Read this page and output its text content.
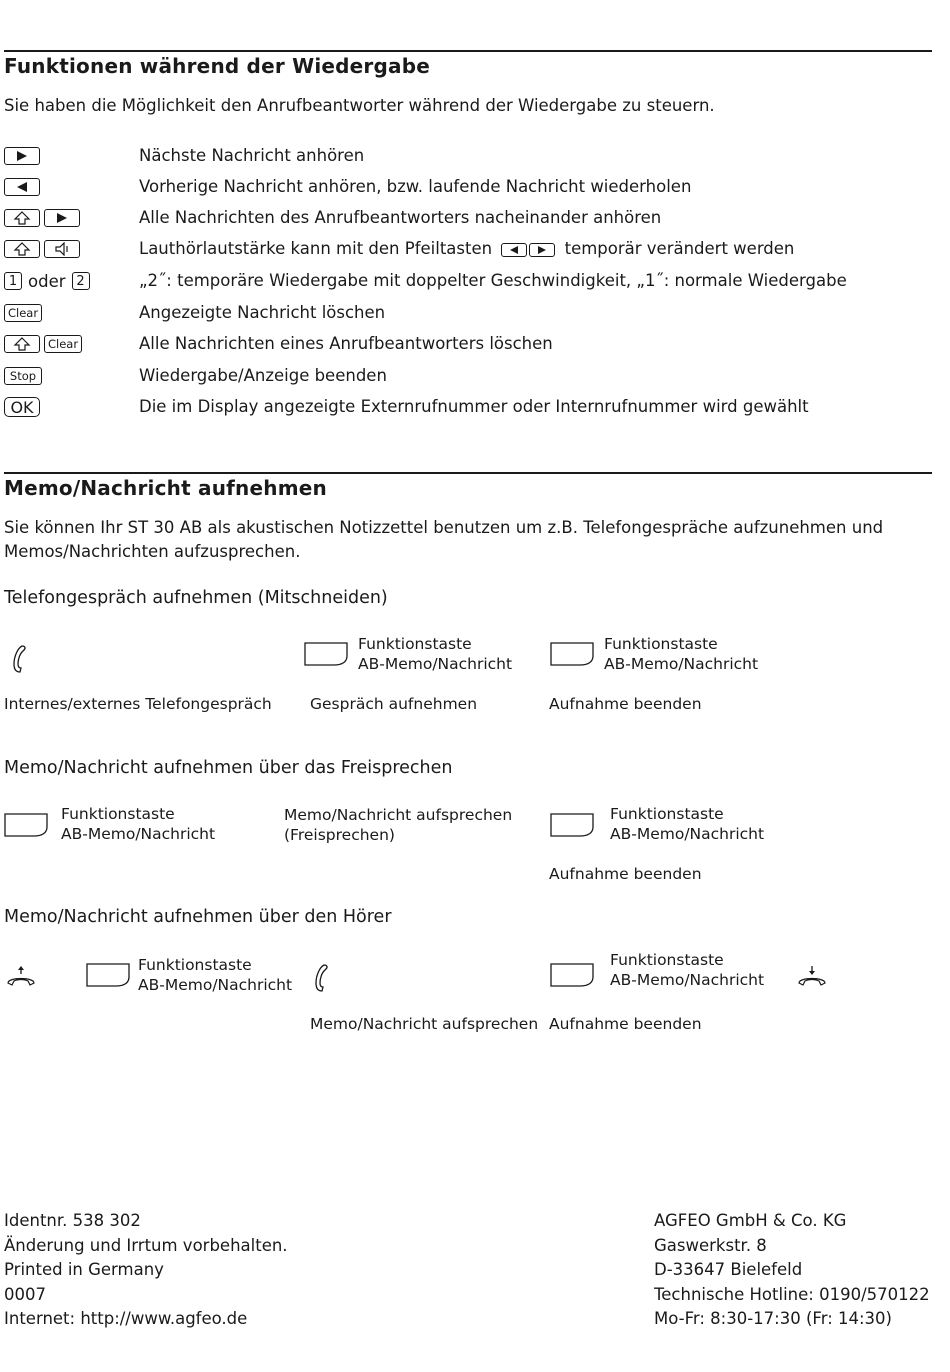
Funktionen während der Wiedergabe
Sie haben die Möglichkeit den Anrufbeantworter während der Wiedergabe zu steuern.
Nächste Nachricht anhören
Vorherige Nachricht anhören, bzw. laufende Nachricht wiederholen
Alle Nachrichten des Anrufbeantworters nacheinander anhören
Lauthörlautstärke kann mit den Pfeiltasten	temporär verändert werden
1 oder 2	„2˝: temporäre Wiedergabe mit doppelter Geschwindigkeit, „1˝: normale Wiedergabe
Clear	Angezeigte Nachricht löschen
Clear	Alle Nachrichten eines Anrufbeantworters löschen
Stop	Wiedergabe/Anzeige beenden
OK	Die im Display angezeigte Externrufnummer oder Internrufnummer wird gewählt
Memo/Nachricht aufnehmen
Sie können Ihr ST 30 AB als akustischen Notizzettel benutzen um z.B. Telefongespräche aufzunehmen und
Memos/Nachrichten aufzusprechen.
Telefongespräch aufnehmen (Mitschneiden)
Funktionstaste
AB-Memo/Nachricht
Funktionstaste
AB-Memo/Nachricht
Internes/externes Telefongespräch Gespräch aufnehmen	Aufnahme beenden
Memo/Nachricht aufnehmen über das Freisprechen
Funktionstaste
AB-Memo/Nachricht
Memo/Nachricht aufsprechen
(Freisprechen)
Funktionstaste
AB-Memo/Nachricht
Aufnahme beenden
Memo/Nachricht aufnehmen über den Hörer
Funktionstaste
AB-Memo/Nachricht
Funktionstaste
AB-Memo/Nachricht
Memo/Nachricht aufsprechen Aufnahme beenden
Identnr. 538 302
Änderung und Irrtum vorbehalten.
Printed in Germany
0007
Internet: http://www.agfeo.de
AGFEO GmbH & Co. KG
Gaswerkstr. 8
D-33647 Bielefeld
Technische Hotline: 0190/570122
Mo-Fr: 8:30-17:30 (Fr: 14:30)
